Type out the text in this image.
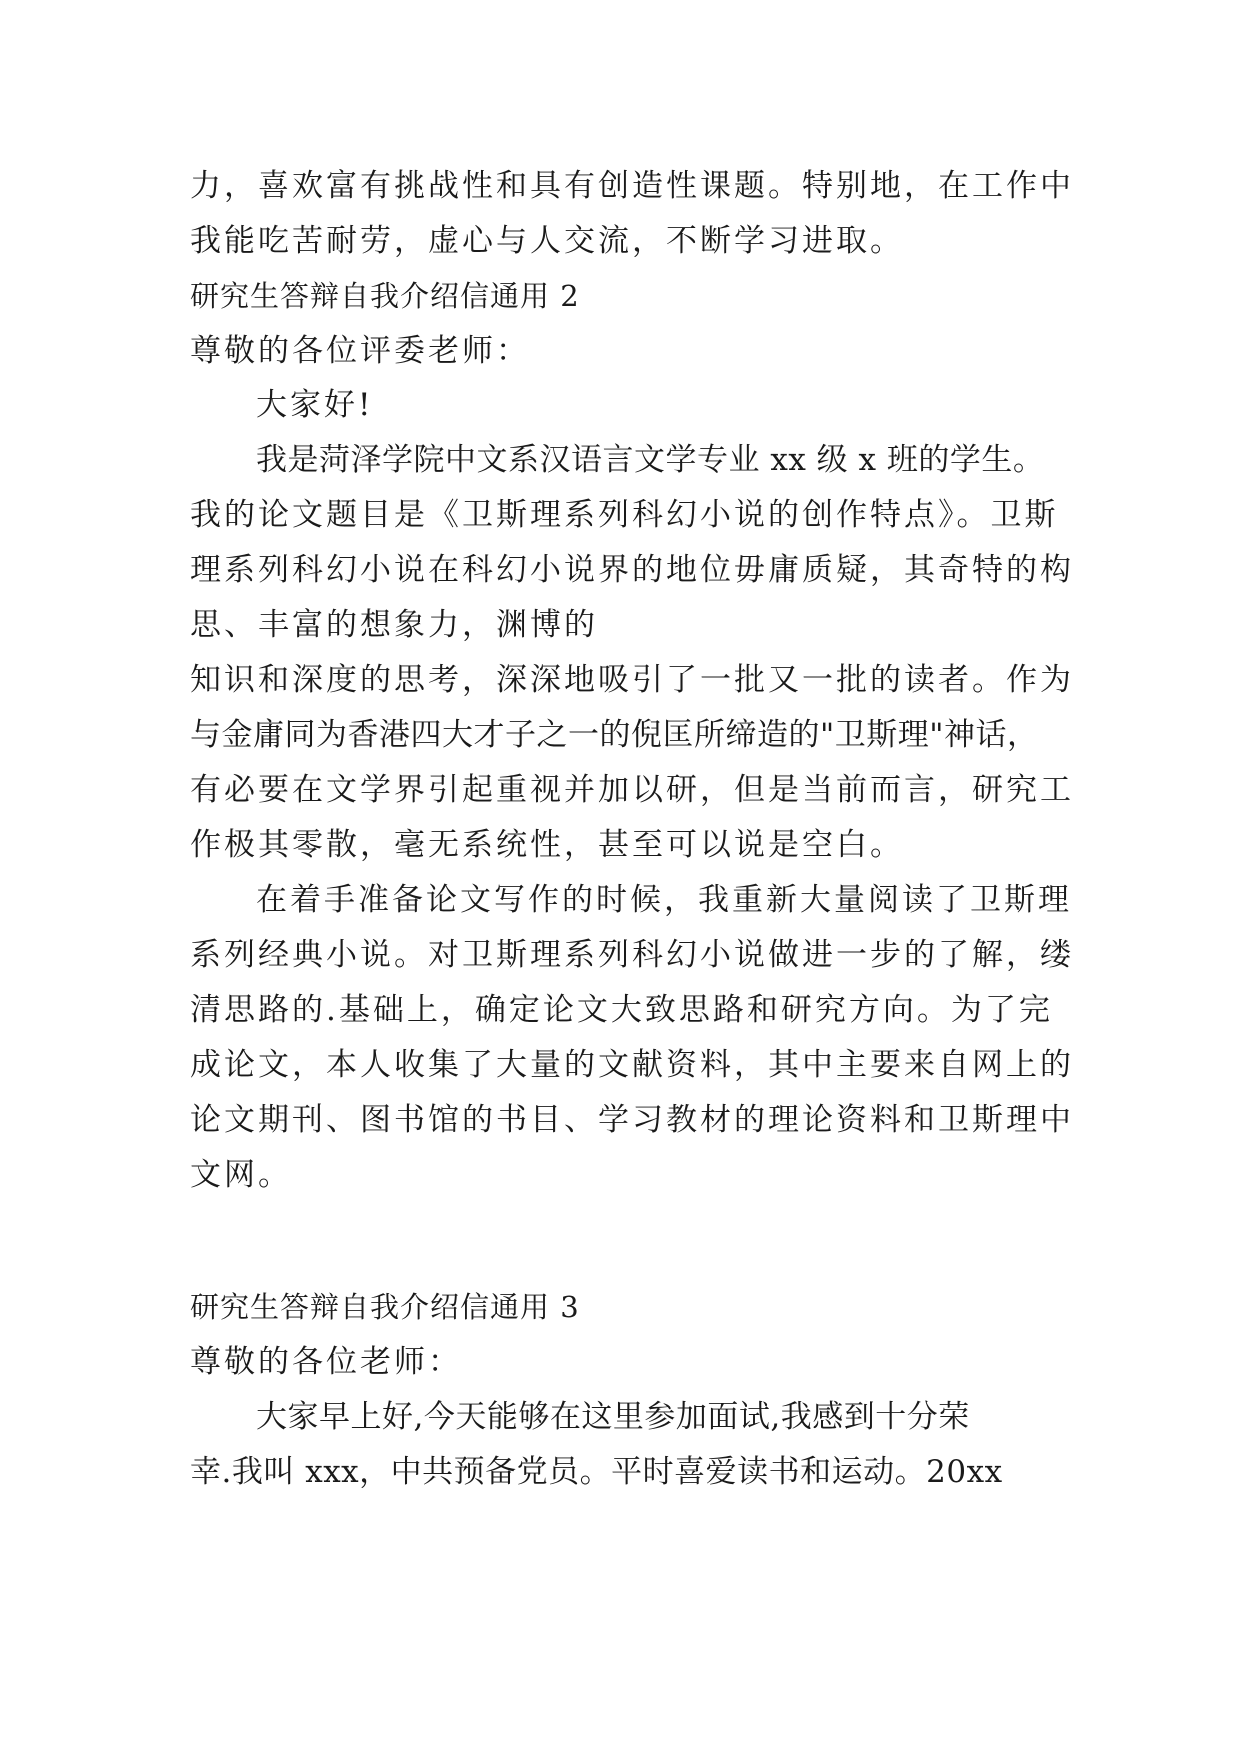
力，喜欢富有挑战性和具有创造性课题。特别地，在工作中
我能吃苦耐劳，虚心与人交流，不断学习进取。
研究生答辩自我介绍信通用 2
尊敬的各位评委老师：
大家好!
我是菏泽学院中文系汉语言文学专业 xx 级 x 班的学生。
我的论文题目是《卫斯理系列科幻小说的创作特点》。卫斯
理系列科幻小说在科幻小说界的地位毋庸质疑，其奇特的构
思、丰富的想象力，渊博的
知识和深度的思考，深深地吸引了一批又一批的读者。作为
与金庸同为香港四大才子之一的倪匡所缔造的"卫斯理"神话，
有必要在文学界引起重视并加以研，但是当前而言，研究工
作极其零散，毫无系统性，甚至可以说是空白。
在着手准备论文写作的时候，我重新大量阅读了卫斯理
系列经典小说。对卫斯理系列科幻小说做进一步的了解，缕
清思路的.基础上，确定论文大致思路和研究方向。为了完
成论文，本人收集了大量的文献资料，其中主要来自网上的
论文期刊、图书馆的书目、学习教材的理论资料和卫斯理中
文网。
研究生答辩自我介绍信通用 3
尊敬的各位老师：
大家早上好,今天能够在这里参加面试,我感到十分荣
幸.我叫 xxx，中共预备党员。平时喜爱读书和运动。20xx
